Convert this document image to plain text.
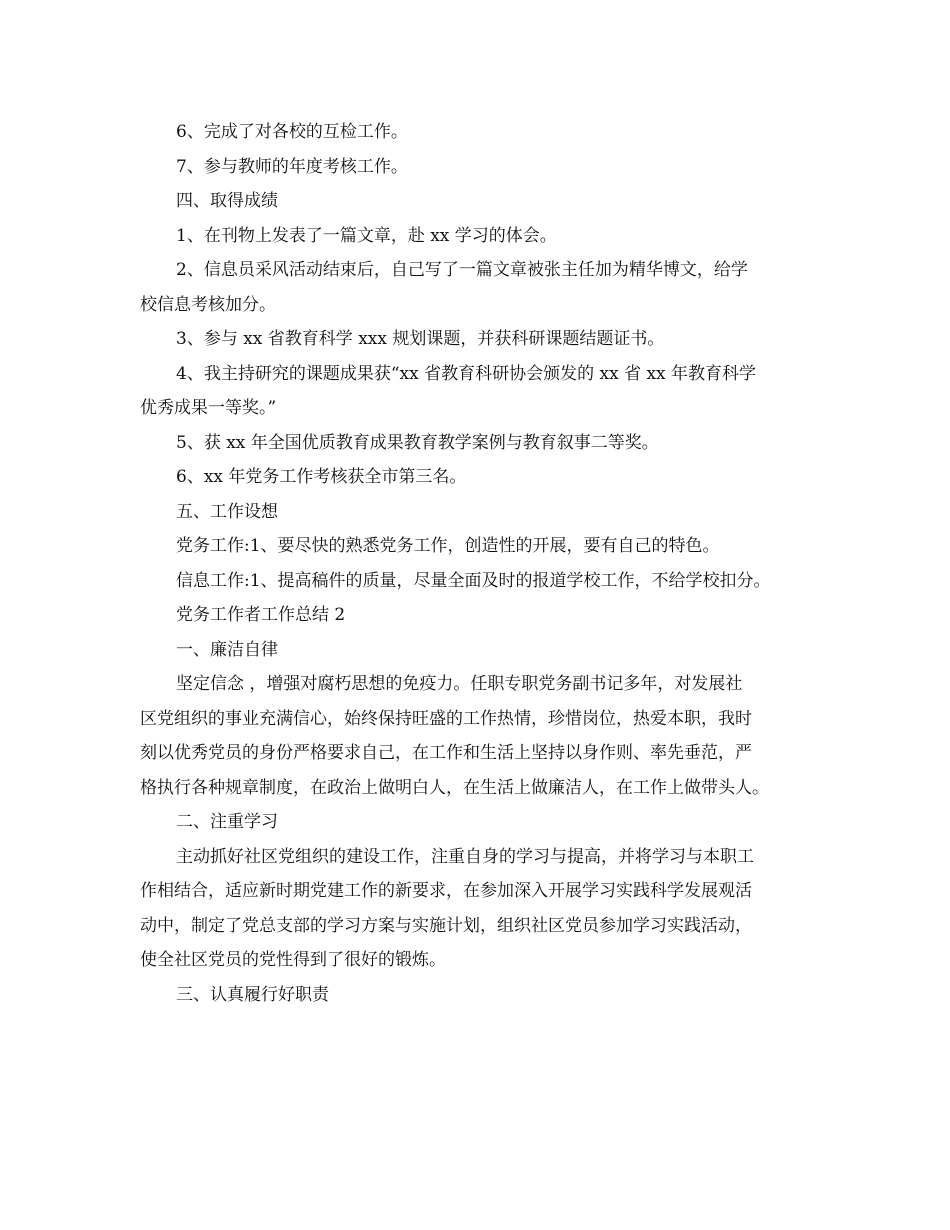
6、完成了对各校的互检工作。

7、参与教师的年度考核工作。

四、取得成绩

1、在刊物上发表了一篇文章，赴 xx 学习的体会。

2、信息员采风活动结束后，自己写了一篇文章被张主任加为精华博文，给学

校信息考核加分。

3、参与 xx 省教育科学 xxx 规划课题，并获科研课题结题证书。

4、我主持研究的课题成果获“xx 省教育科研协会颁发的 xx 省 xx 年教育科学

优秀成果一等奖。”

5、获 xx 年全国优质教育成果教育教学案例与教育叙事二等奖。

6、xx 年党务工作考核获全市第三名。

五、工作设想

党务工作:1、要尽快的熟悉党务工作，创造性的开展，要有自己的特色。

信息工作:1、提高稿件的质量，尽量全面及时的报道学校工作，不给学校扣分。

党务工作者工作总结 2

一、廉洁自律

坚定信念 ，增强对腐朽思想的免疫力。任职专职党务副书记多年，对发展社

区党组织的事业充满信心，始终保持旺盛的工作热情，珍惜岗位，热爱本职，我时

刻以优秀党员的身份严格要求自己，在工作和生活上坚持以身作则、率先垂范，严

格执行各种规章制度，在政治上做明白人，在生活上做廉洁人，在工作上做带头人。

二、注重学习

主动抓好社区党组织的建设工作，注重自身的学习与提高，并将学习与本职工

作相结合，适应新时期党建工作的新要求，在参加深入开展学习实践科学发展观活

动中，制定了党总支部的学习方案与实施计划，组织社区党员参加学习实践活动，

使全社区党员的党性得到了很好的锻炼。

三、认真履行好职责
